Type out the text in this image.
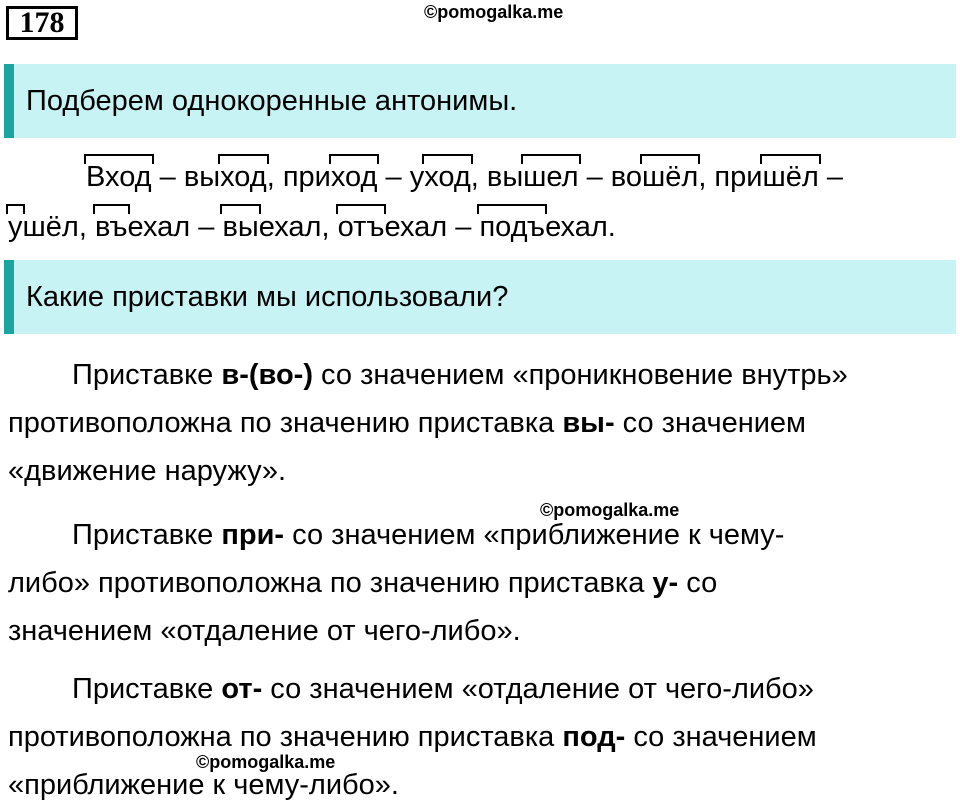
178	©pomogalka.me
Подберем однокоренные антонимы.
Вход – выход, приход – уход, вышел – вошёл, пришёл –
ушёл, въехал – выехал, отъехал – подъехал.
Какие приставки мы использовали?
Приставке в-(во-) со значением «проникновение внутрь»
противоположна по значению приставка вы- со значением
«движение наружу».
©pomogalka.me
Приставке при- со значением «приближение к чему-
либо» противоположна по значению приставка у- со
значением «отдаление от чего-либо».
©pomogalka.me
Приставке от- со значением «отдаление от чего-либо»
противоположна по значению приставка под- со значением
«приближение к чему-либо».
